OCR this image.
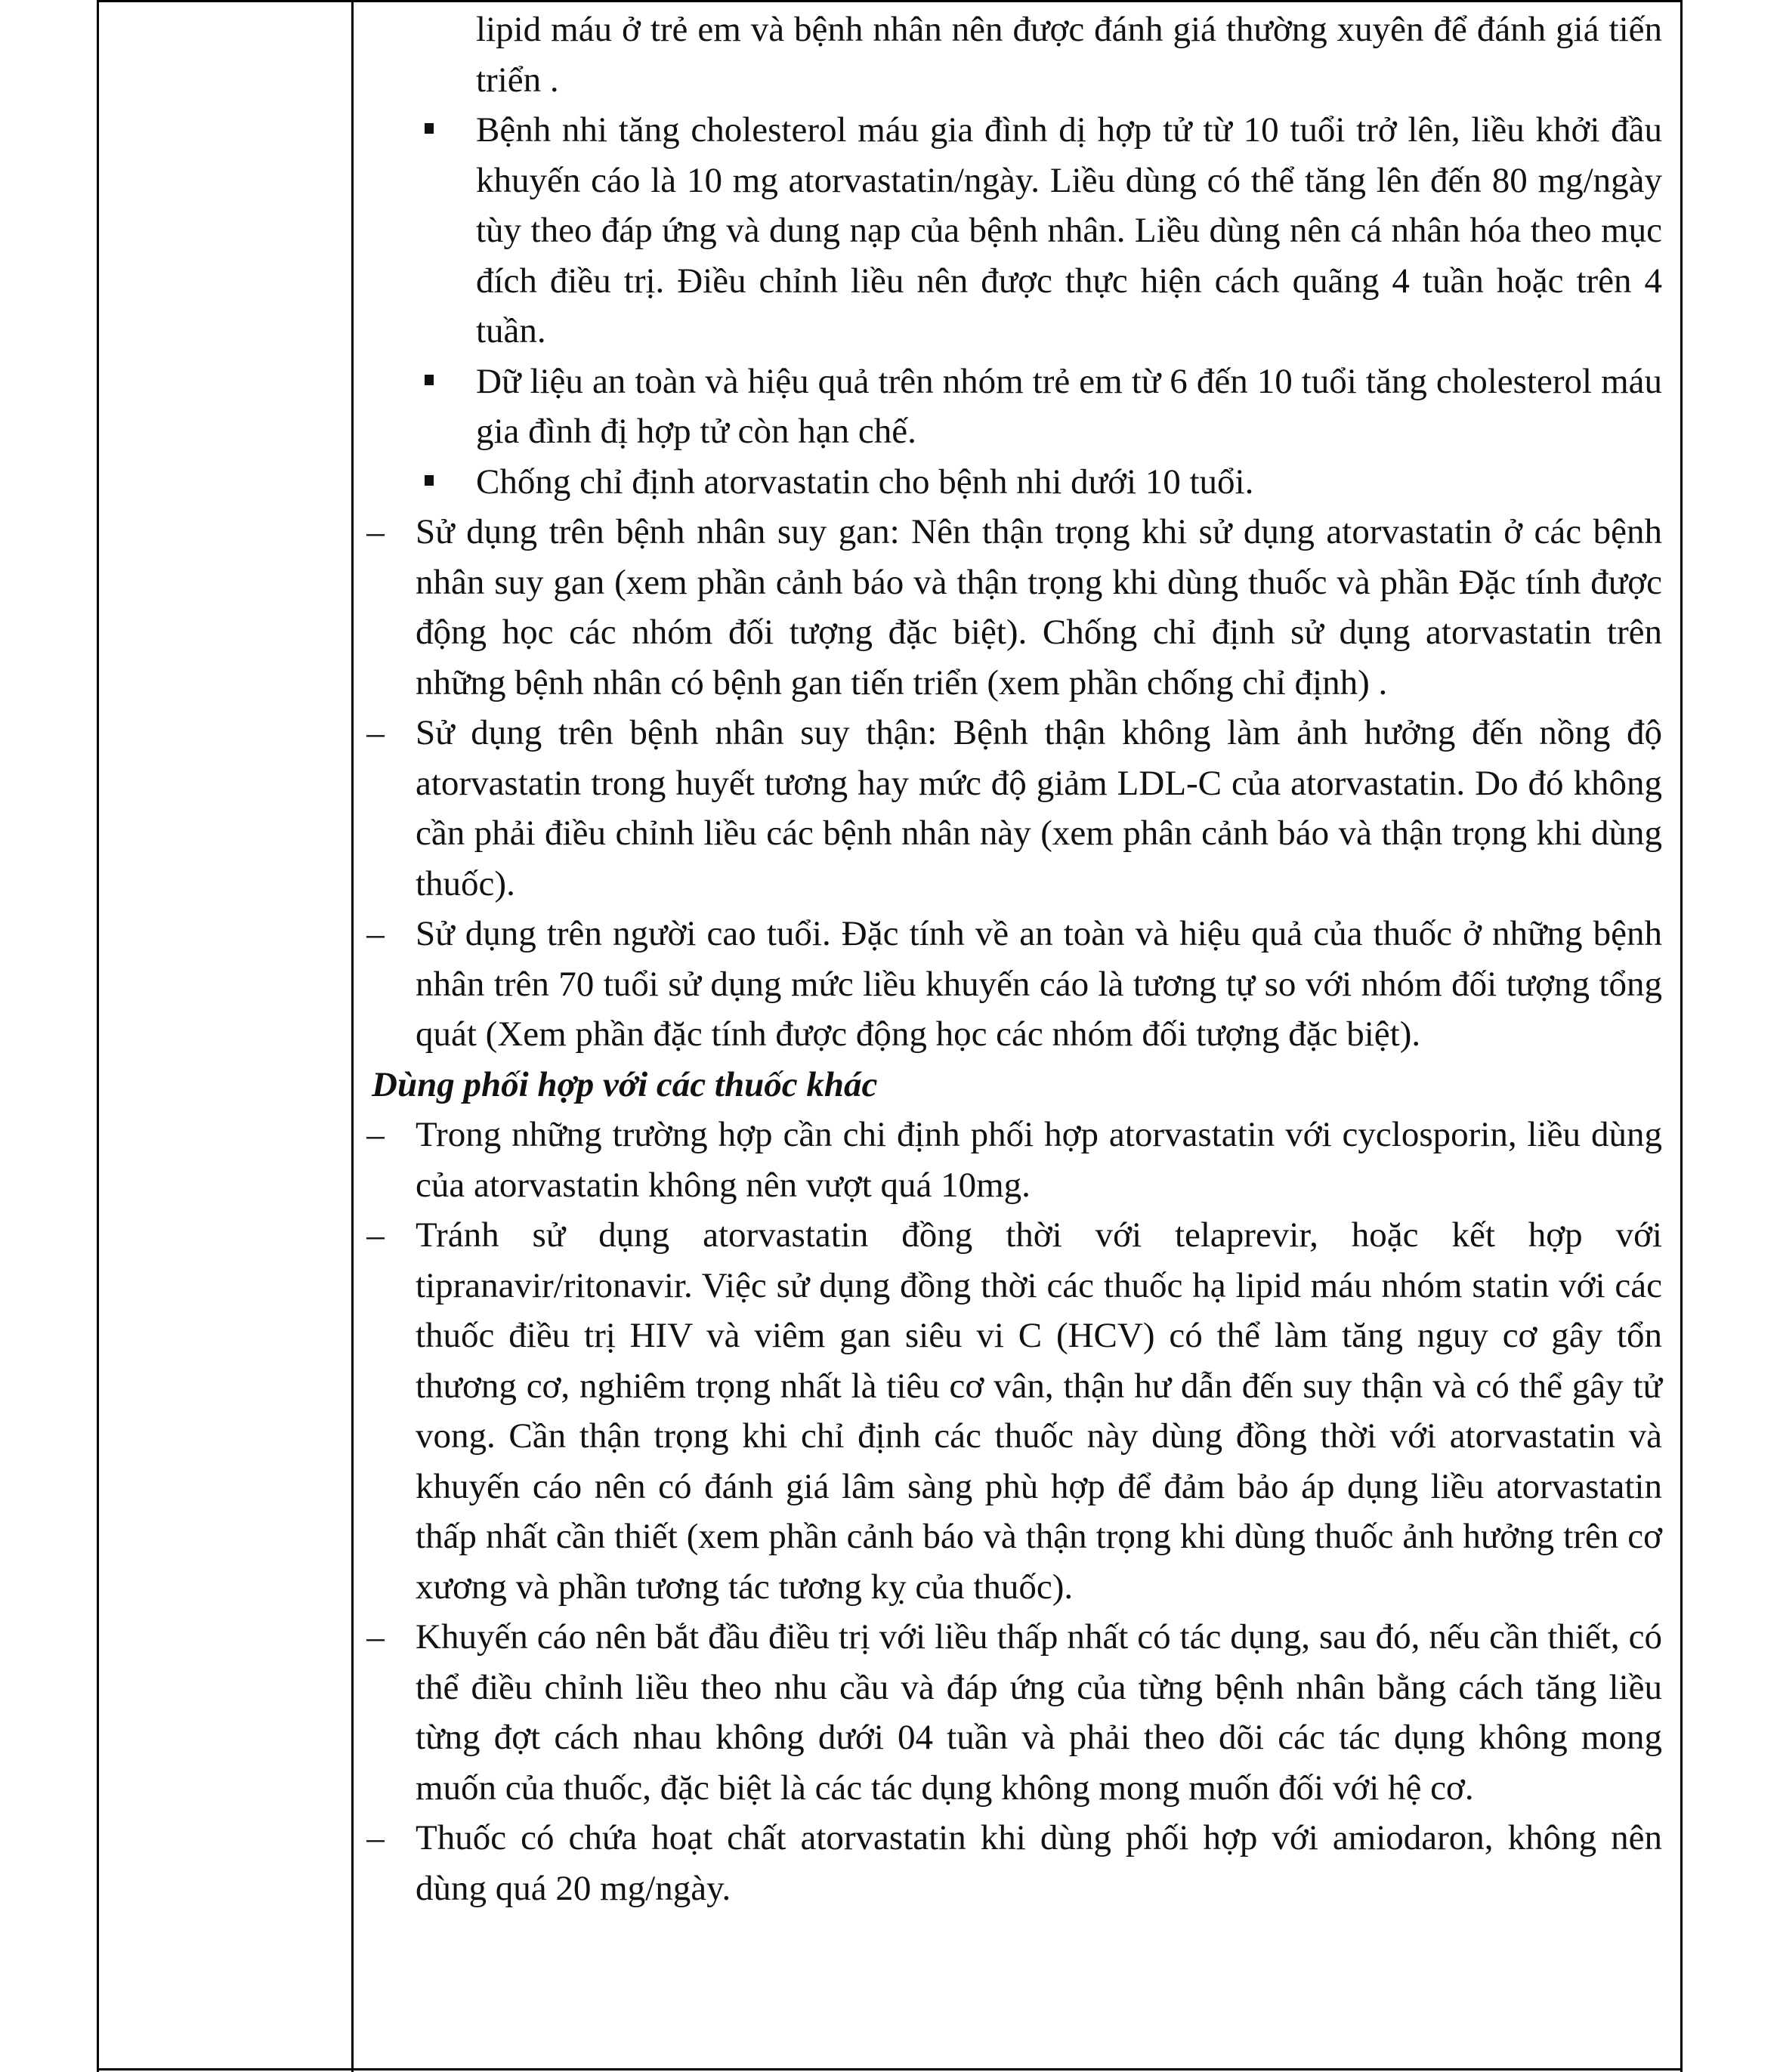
lipid máu ở trẻ em và bệnh nhân nên được đánh giá thường xuyên để đánh giá tiến triển .
Bệnh nhi tăng cholesterol máu gia đình dị hợp tử từ 10 tuổi trở lên, liều khởi đầu khuyến cáo là 10 mg atorvastatin/ngày. Liều dùng có thể tăng lên đến 80 mg/ngày tùy theo đáp ứng và dung nạp của bệnh nhân. Liều dùng nên cá nhân hóa theo mục đích điều trị. Điều chỉnh liều nên được thực hiện cách quãng 4 tuần hoặc trên 4 tuần.
Dữ liệu an toàn và hiệu quả trên nhóm trẻ em từ 6 đến 10 tuổi tăng cholesterol máu gia đình đị hợp tử còn hạn chế.
Chống chỉ định atorvastatin cho bệnh nhi dưới 10 tuổi.
– Sử dụng trên bệnh nhân suy gan: Nên thận trọng khi sử dụng atorvastatin ở các bệnh nhân suy gan (xem phần cảnh báo và thận trọng khi dùng thuốc và phần Đặc tính được động học các nhóm đối tượng đặc biệt). Chống chỉ định sử dụng atorvastatin trên những bệnh nhân có bệnh gan tiến triển (xem phần chống chỉ định) .
– Sử dụng trên bệnh nhân suy thận: Bệnh thận không làm ảnh hưởng đến nồng độ atorvastatin trong huyết tương hay mức độ giảm LDL-C của atorvastatin. Do đó không cần phải điều chỉnh liều các bệnh nhân này (xem phân cảnh báo và thận trọng khi dùng thuốc).
– Sử dụng trên người cao tuổi. Đặc tính về an toàn và hiệu quả của thuốc ở những bệnh nhân trên 70 tuổi sử dụng mức liều khuyến cáo là tương tự so với nhóm đối tượng tổng quát (Xem phần đặc tính được động học các nhóm đối tượng đặc biệt).
Dùng phối hợp với các thuốc khác
– Trong những trường hợp cần chi định phối hợp atorvastatin với cyclosporin, liều dùng của atorvastatin không nên vượt quá 10mg.
– Tránh sử dụng atorvastatin đồng thời với telaprevir, hoặc kết hợp với tipranavir/ritonavir. Việc sử dụng đồng thời các thuốc hạ lipid máu nhóm statin với các thuốc điều trị HIV và viêm gan siêu vi C (HCV) có thể làm tăng nguy cơ gây tổn thương cơ, nghiêm trọng nhất là tiêu cơ vân, thận hư dẫn đến suy thận và có thể gây tử vong. Cần thận trọng khi chỉ định các thuốc này dùng đồng thời với atorvastatin và khuyến cáo nên có đánh giá lâm sàng phù hợp để đảm bảo áp dụng liều atorvastatin thấp nhất cần thiết (xem phần cảnh báo và thận trọng khi dùng thuốc ảnh hưởng trên cơ xương và phần tương tác tương kỵ của thuốc).
– Khuyến cáo nên bắt đầu điều trị với liều thấp nhất có tác dụng, sau đó, nếu cần thiết, có thể điều chỉnh liều theo nhu cầu và đáp ứng của từng bệnh nhân bằng cách tăng liều từng đợt cách nhau không dưới 04 tuần và phải theo dõi các tác dụng không mong muốn của thuốc, đặc biệt là các tác dụng không mong muốn đối với hệ cơ.
– Thuốc có chứa hoạt chất atorvastatin khi dùng phối hợp với amiodaron, không nên dùng quá 20 mg/ngày.
